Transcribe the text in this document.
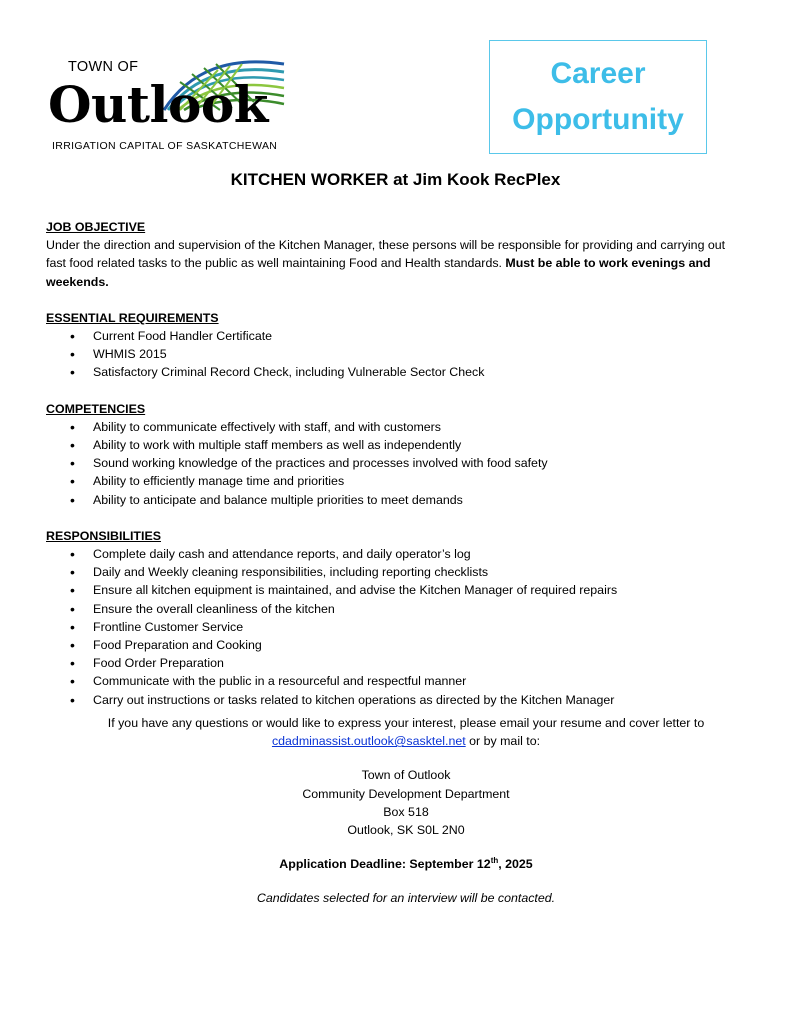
TOWN OF
Outlook
IRRIGATION CAPITAL OF SASKATCHEWAN
Career
Opportunity
KITCHEN WORKER at Jim Kook RecPlex
JOB OBJECTIVE

Under the direction and supervision of the Kitchen Manager, these persons will be responsible for providing and carrying out fast food related tasks to the public as well maintaining Food and Health standards. Must be able to work evenings and weekends.

ESSENTIAL REQUIREMENTS
• Current Food Handler Certificate
• WHMIS 2015
• Satisfactory Criminal Record Check, including Vulnerable Sector Check
COMPETENCIES
• Ability to communicate effectively with staff, and with customers
• Ability to work with multiple staff members as well as independently
• Sound working knowledge of the practices and processes involved with food safety
• Ability to efficiently manage time and priorities
• Ability to anticipate and balance multiple priorities to meet demands
RESPONSIBILITIES
• Complete daily cash and attendance reports, and daily operator’s log
• Daily and Weekly cleaning responsibilities, including reporting checklists
• Ensure all kitchen equipment is maintained, and advise the Kitchen Manager of required repairs
• Ensure the overall cleanliness of the kitchen
• Frontline Customer Service
• Food Preparation and Cooking
• Food Order Preparation
• Communicate with the public in a resourceful and respectful manner
• Carry out instructions or tasks related to kitchen operations as directed by the Kitchen Manager
If you have any questions or would like to express your interest, please email your resume and cover letter to
cdadminassist.outlook@sasktel.net or by mail to:
Town of Outlook
Community Development Department
Box 518
Outlook, SK S0L 2N0
Application Deadline: September 12th, 2025
Candidates selected for an interview will be contacted.
